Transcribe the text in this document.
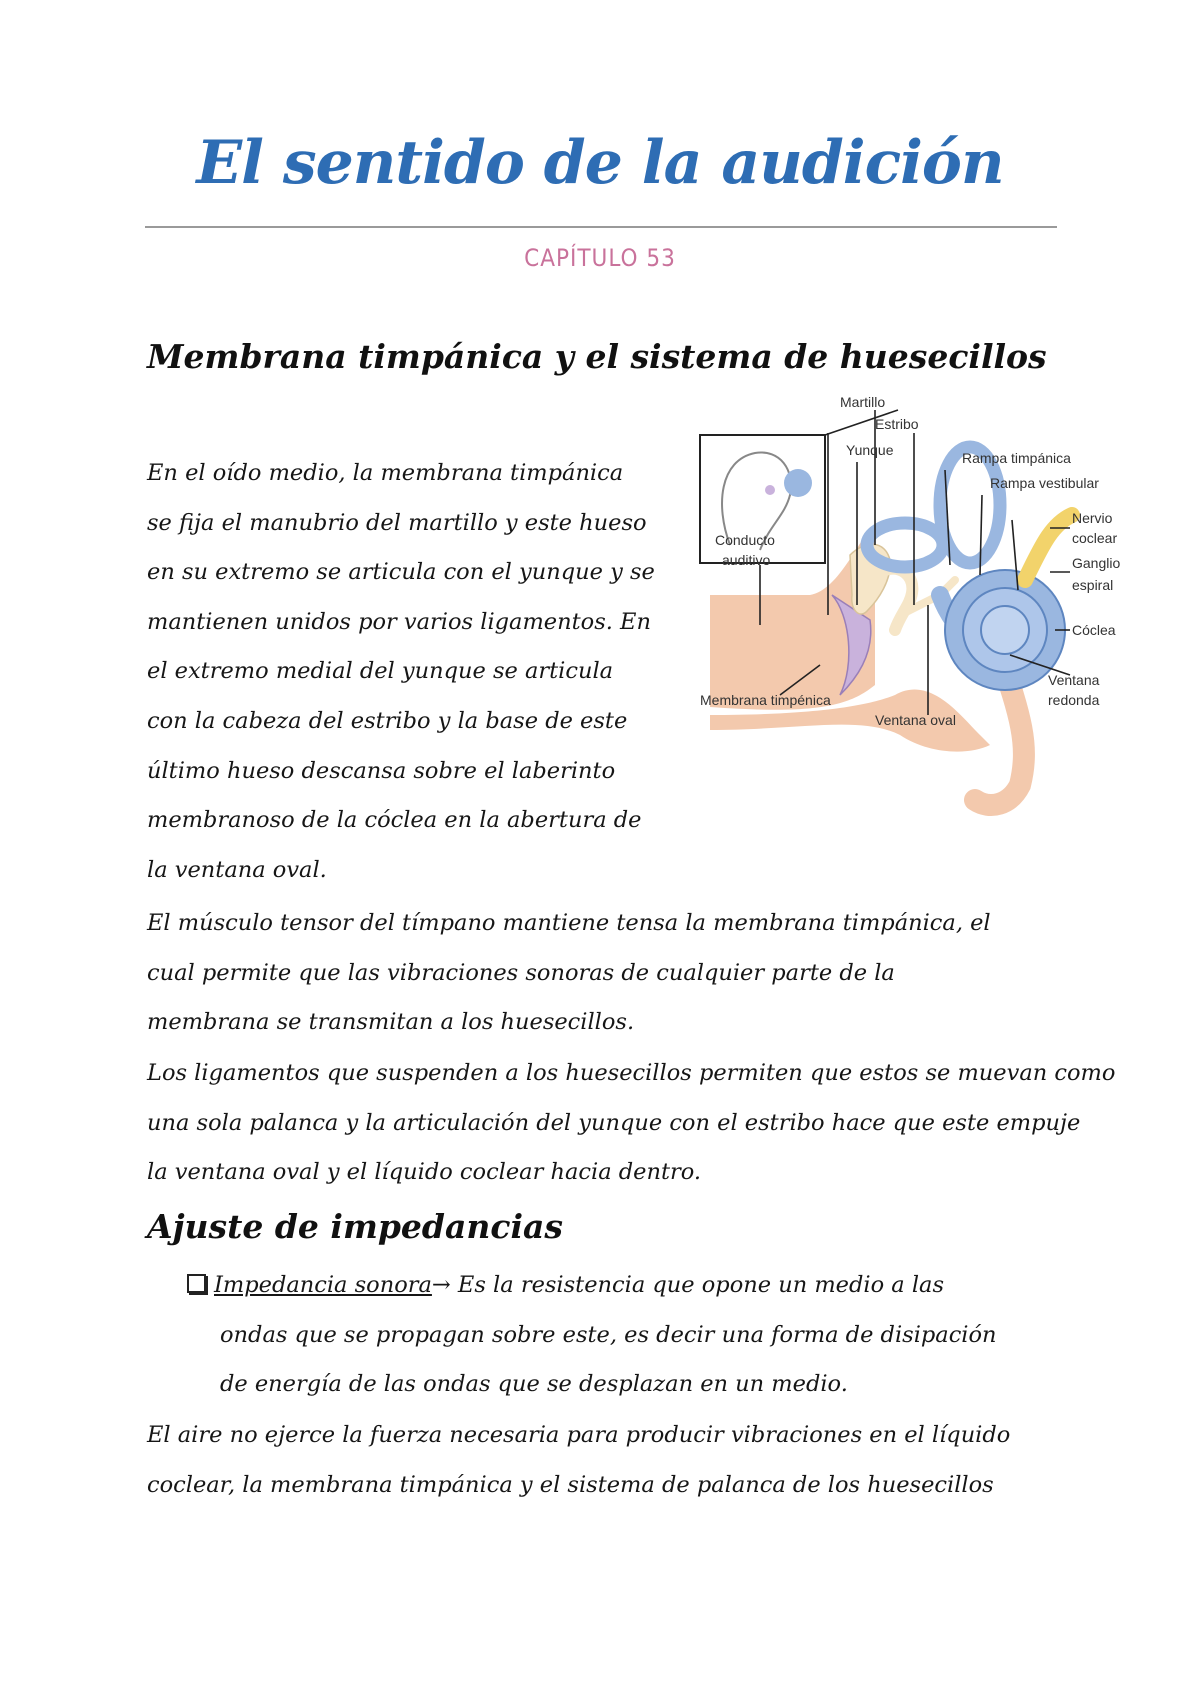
El sentido de la audición
CAPÍTULO 53
Membrana timpánica y el sistema de huesecillos

En el oído medio, la membrana timpánica
se fija el manubrio del martillo y este hueso
en su extremo se articula con el yunque y se
mantienen unidos por varios ligamentos. En
el extremo medial del yunque se articula
con la cabeza del estribo y la base de este
último hueso descansa sobre el laberinto
membranoso de la cóclea en la abertura de
la ventana oval.

Martillo
Estribo
Yunque	Rampa timpánica
Rampa vestibular
Nervio
coclear
Ganglio
espiral
Cóclea
Ventana
redonda
Ventana oval
Membrana timpénica
Conducto
auditivo

El músculo tensor del tímpano mantiene tensa la membrana timpánica, el
cual permite que las vibraciones sonoras de cualquier parte de la
membrana se transmitan a los huesecillos.

Los ligamentos que suspenden a los huesecillos permiten que estos se muevan como
una sola palanca y la articulación del yunque con el estribo hace que este empuje
la ventana oval y el líquido coclear hacia dentro.

Ajuste de impedancias
Impedancia sonora→ Es la resistencia que opone un medio a las
ondas que se propagan sobre este, es decir una forma de disipación
de energía de las ondas que se desplazan en un medio.

El aire no ejerce la fuerza necesaria para producir vibraciones en el líquido
coclear, la membrana timpánica y el sistema de palanca de los huesecillos
